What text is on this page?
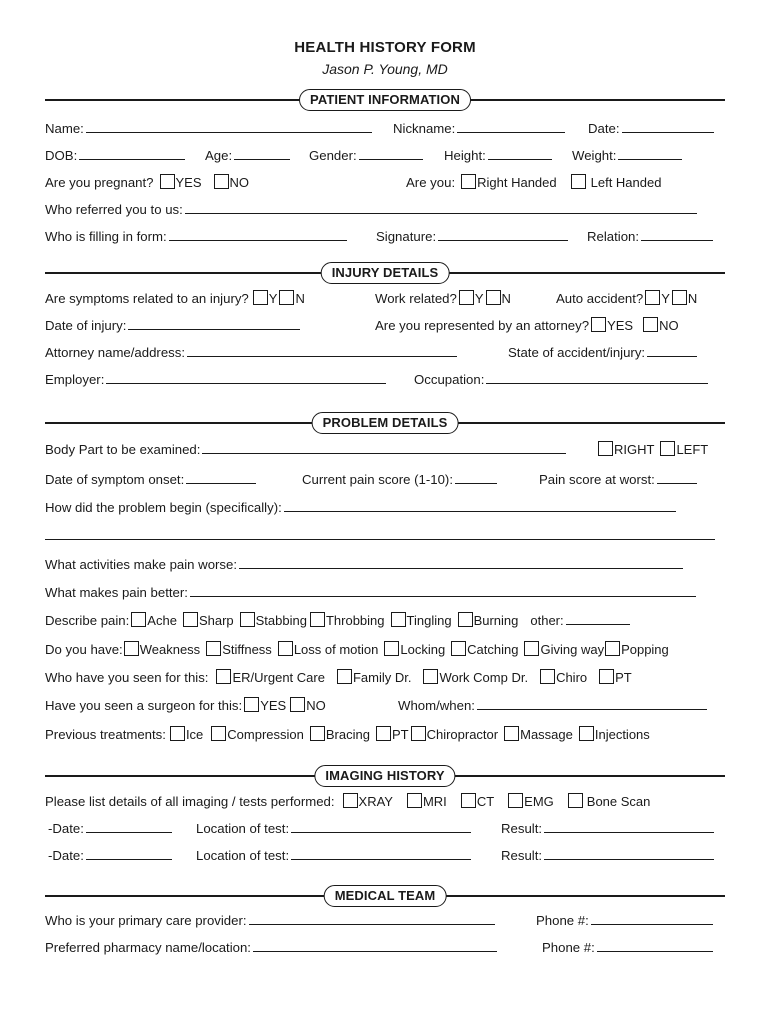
HEALTH HISTORY FORM
Jason P. Young, MD
PATIENT INFORMATION
Name:	Nickname:	Date:
DOB:	Age:	Gender:	Height:	Weight:
Are you pregnant? YES NO	Are you: Right Handed	Left Handed
Who referred you to us:
Who is filling in form:	Signature:	Relation:
INJURY DETAILS
Are symptoms related to an injury? Y N	Work related? Y N	Auto accident? Y N
Date of injury:	Are you represented by an attorney? YES NO
Attorney name/address:	State of accident/injury:
Employer:	Occupation:
PROBLEM DETAILS
Body Part to be examined:	RIGHT LEFT
Date of symptom onset:	Current pain score (1-10):	Pain score at worst:
How did the problem begin (specifically):
What activities make pain worse:
What makes pain better:
Describe pain: Ache Sharp Stabbing Throbbing Tingling Burning other:
Do you have: Weakness Stiffness Loss of motion Locking Catching Giving way Popping
Who have you seen for this: ER/Urgent Care Family Dr. Work Comp Dr. Chiro PT
Have you seen a surgeon for this: YES NO	Whom/when:
Previous treatments: Ice Compression Bracing PT Chiropractor Massage Injections
IMAGING HISTORY
Please list details of all imaging / tests performed: XRAY MRI CT EMG	Bone Scan
-Date:	Location of test:	Result:
-Date:	Location of test:	Result:
MEDICAL TEAM
Who is your primary care provider:	Phone #:
Preferred pharmacy name/location:	Phone #:
